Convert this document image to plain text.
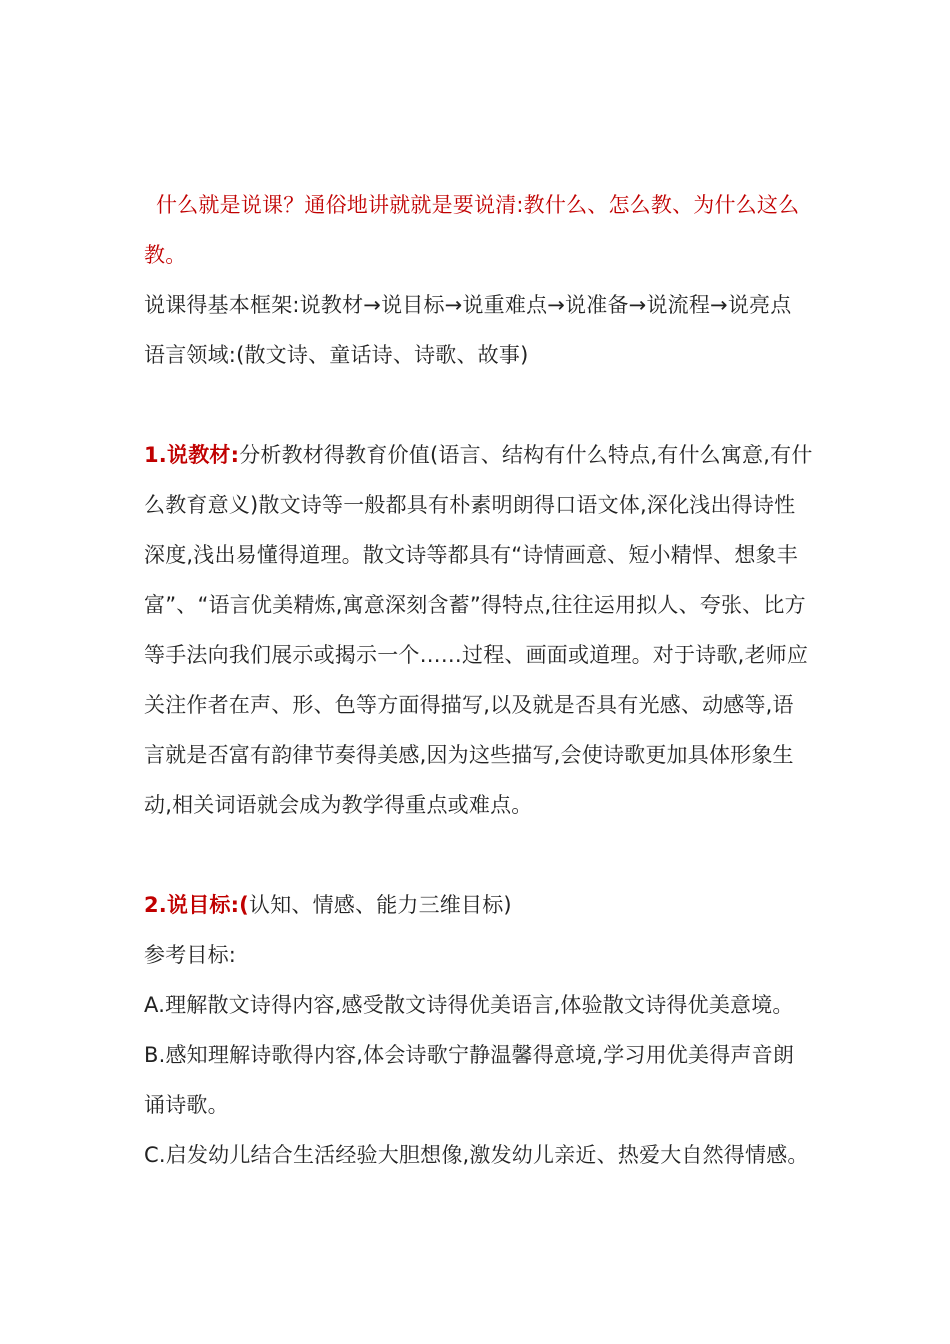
什么就是说课？通俗地讲就就是要说清:教什么、怎么教、为什么这么教。

说课得基本框架:说教材→说目标→说重难点→说准备→说流程→说亮点

语言领域:(散文诗、童话诗、诗歌、故事)

1.说教材:分析教材得教育价值(语言、结构有什么特点,有什么寓意,有什么教育意义)散文诗等一般都具有朴素明朗得口语文体,深化浅出得诗性深度,浅出易懂得道理。散文诗等都具有“诗情画意、短小精悍、想象丰富”、“语言优美精炼,寓意深刻含蓄”得特点,往往运用拟人、夸张、比方等手法向我们展示或揭示一个……过程、画面或道理。对于诗歌,老师应关注作者在声、形、色等方面得描写,以及就是否具有光感、动感等,语言就是否富有韵律节奏得美感,因为这些描写,会使诗歌更加具体形象生动,相关词语就会成为教学得重点或难点。

2.说目标:(认知、情感、能力三维目标)

参考目标:

A.理解散文诗得内容,感受散文诗得优美语言,体验散文诗得优美意境。

B.感知理解诗歌得内容,体会诗歌宁静温馨得意境,学习用优美得声音朗诵诗歌。

C.启发幼儿结合生活经验大胆想像,激发幼儿亲近、热爱大自然得情感。
